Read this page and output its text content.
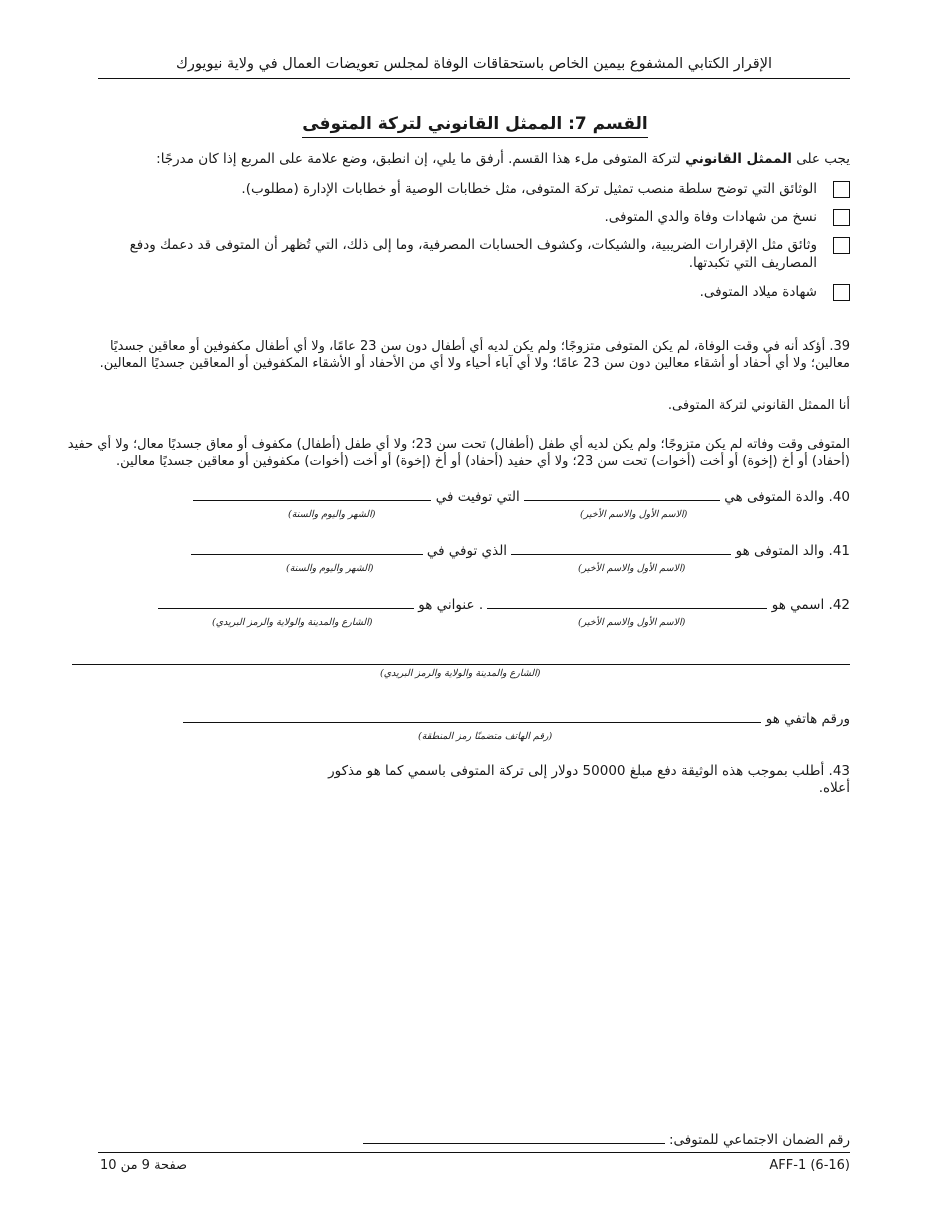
الإقرار الكتابي المشفوع بيمين الخاص باستحقاقات الوفاة لمجلس تعويضات العمال في ولاية نيويورك
القسم 7: الممثل القانوني لتركة المتوفى
يجب على الممثل القانوني لتركة المتوفى ملء هذا القسم. أرفق ما يلي، إن انطبق، وضع علامة على المربع إذا كان مدرجًا:
الوثائق التي توضح سلطة منصب تمثيل تركة المتوفى، مثل خطابات الوصية أو خطابات الإدارة (مطلوب).
نسخ من شهادات وفاة والدي المتوفى.
وثائق مثل الإقرارات الضريبية، والشيكات، وكشوف الحسابات المصرفية، وما إلى ذلك، التي تُظهر أن المتوفى قد دعمك ودفع المصاريف التي تكبدتها.
شهادة ميلاد المتوفى.
39. أؤكد أنه في وقت الوفاة، لم يكن المتوفى متزوجًا؛ ولم يكن لديه أي أطفال دون سن 23 عامًا، ولا أي أطفال مكفوفين أو معاقين جسديًا معالين؛ ولا أي أحفاد أو أشقاء معالين دون سن 23 عامًا؛ ولا أي آباء أحياء ولا أي من الأحفاد أو الأشقاء المكفوفين أو المعاقين جسديًا المعالين.
أنا الممثل القانوني لتركة المتوفى.
المتوفى وقت وفاته لم يكن متزوجًا؛ ولم يكن لديه أي طفل (أطفال) تحت سن 23؛ ولا أي طفل (أطفال) مكفوف أو معاق جسديًا معال؛ ولا أي حفيد (أحفاد) أو أخ (إخوة) أو أخت (أخوات) تحت سن 23؛ ولا أي حفيد (أحفاد) أو أخ (إخوة) أو أخت (أخوات) مكفوفين أو معاقين جسديًا معالين.
40. والدة المتوفى هي  التي توفيت في
(الاسم الأول والاسم الأخير)
(الشهر واليوم والسنة)
41. والد المتوفى هو  الذي توفي في
(الاسم الأول والاسم الأخير)
(الشهر واليوم والسنة)
42. اسمي هو  . عنواني هو
(الاسم الأول والاسم الأخير)
(الشارع والمدينة والولاية والرمز البريدي)
(الشارع والمدينة والولاية والرمز البريدي)
ورقم هاتفي هو
(رقم الهاتف متضمنًا رمز المنطقة)
43. أطلب بموجب هذه الوثيقة دفع مبلغ 50000 دولار إلى تركة المتوفى باسمي كما هو مذكور أعلاه.
رقم الضمان الاجتماعي للمتوفى:
AFF-1 (6-16)
صفحة 9 من 10
